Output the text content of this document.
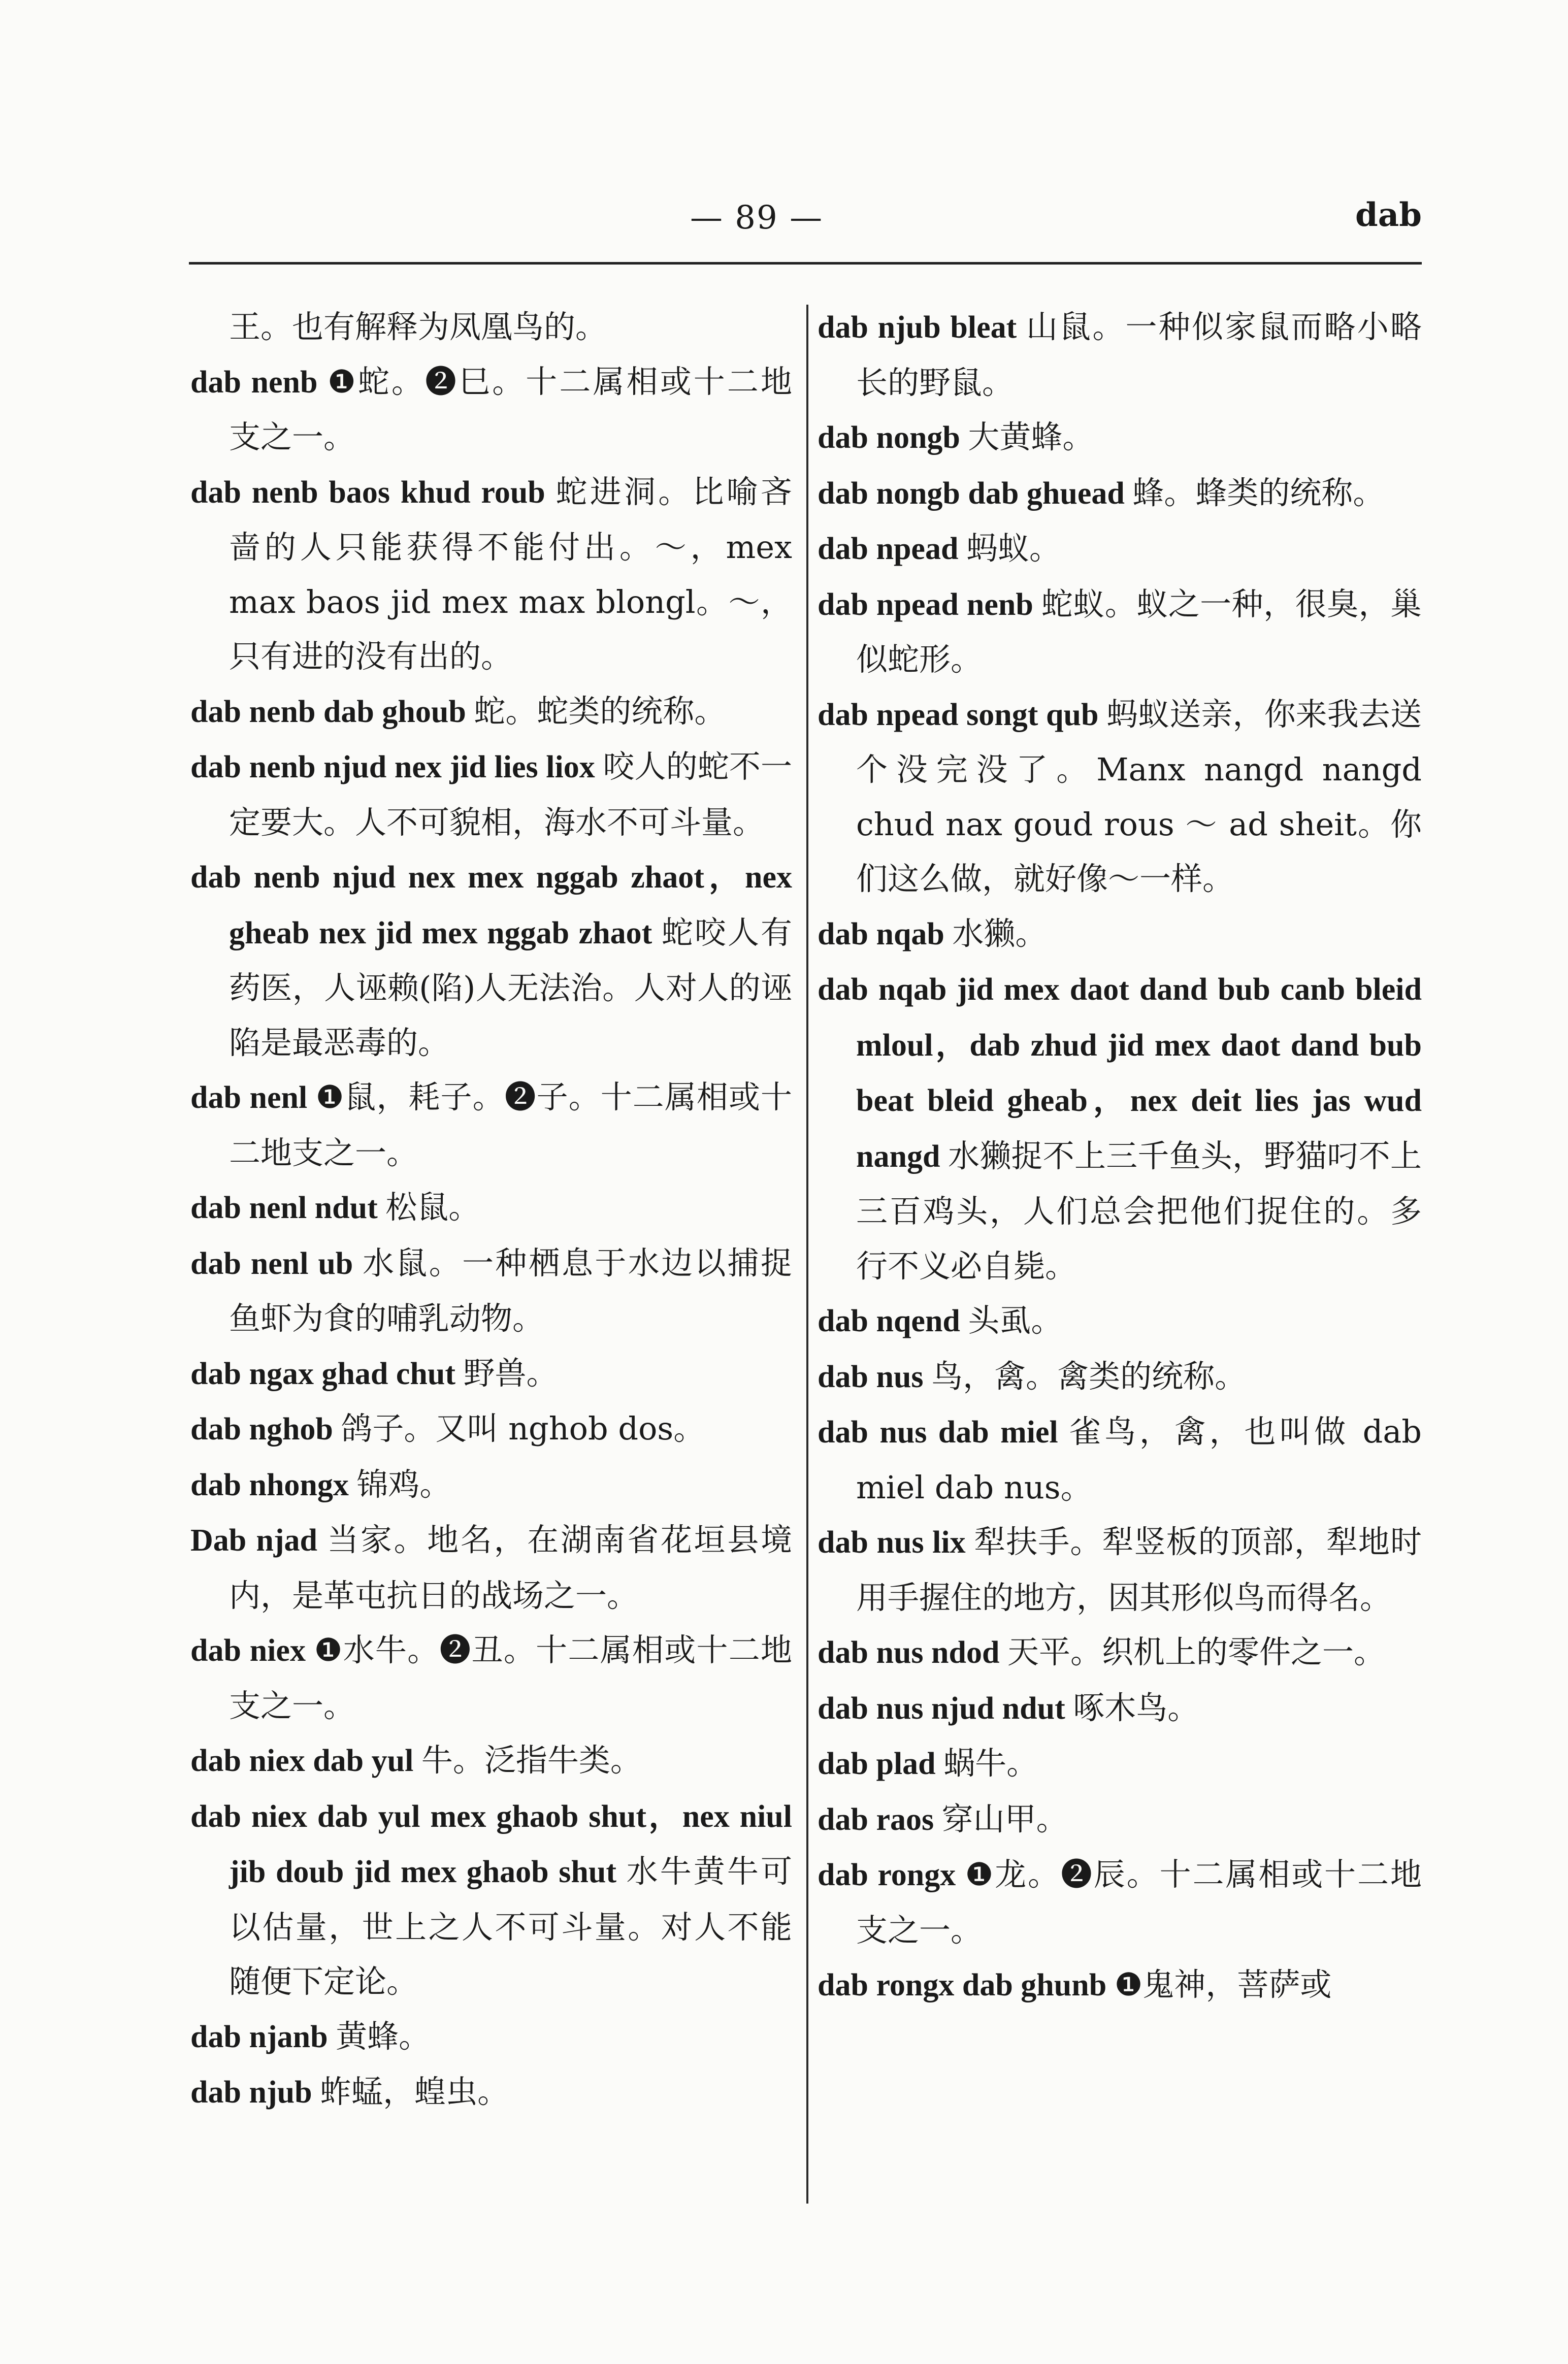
— 89 —	dab
王。也有解释为凤凰鸟的。
dab nenb ❶蛇。❷巳。十二属相或十二地支之一。
dab nenb baos khud roub 蛇进洞。比喻吝啬的人只能获得不能付出。～，mex max baos jid mex max blongl。～，只有进的没有出的。
dab nenb dab ghoub 蛇。蛇类的统称。
dab nenb njud nex jid lies liox 咬人的蛇不一定要大。人不可貌相，海水不可斗量。
dab nenb njud nex mex nggab zhaot，nex gheab nex jid mex nggab zhaot 蛇咬人有药医，人诬赖(陷)人无法治。人对人的诬陷是最恶毒的。
dab nenl ❶鼠，耗子。❷子。十二属相或十二地支之一。
dab nenl ndut 松鼠。
dab nenl ub 水鼠。一种栖息于水边以捕捉鱼虾为食的哺乳动物。
dab ngax ghad chut 野兽。
dab nghob 鸽子。又叫 nghob dos。
dab nhongx 锦鸡。
Dab njad 当家。地名，在湖南省花垣县境内，是革屯抗日的战场之一。
dab niex ❶水牛。❷丑。十二属相或十二地支之一。
dab niex dab yul 牛。泛指牛类。
dab niex dab yul mex ghaob shut，nex niul jib doub jid mex ghaob shut 水牛黄牛可以估量，世上之人不可斗量。对人不能随便下定论。
dab njanb 黄蜂。
dab njub 蚱蜢，蝗虫。
dab njub bleat 山鼠。一种似家鼠而略小略长的野鼠。
dab nongb 大黄蜂。
dab nongb dab ghuead 蜂。蜂类的统称。
dab npead 蚂蚁。
dab npead nenb 蛇蚁。蚁之一种，很臭，巢似蛇形。
dab npead songt qub 蚂蚁送亲，你来我去送个没完没了。Manx nangd nangd chud nax goud rous ～ ad sheit。你们这么做，就好像～一样。
dab nqab 水獭。
dab nqab jid mex daot dand bub canb bleid mloul，dab zhud jid mex daot dand bub beat bleid gheab，nex deit lies jas wud nangd 水獭捉不上三千鱼头，野猫叼不上三百鸡头，人们总会把他们捉住的。多行不义必自毙。
dab nqend 头虱。
dab nus 鸟，禽。禽类的统称。
dab nus dab miel 雀鸟，禽，也叫做 dab miel dab nus。
dab nus lix 犁扶手。犁竖板的顶部，犁地时用手握住的地方，因其形似鸟而得名。
dab nus ndod 天平。织机上的零件之一。
dab nus njud ndut 啄木鸟。
dab plad 蜗牛。
dab raos 穿山甲。
dab rongx ❶龙。❷辰。十二属相或十二地支之一。
dab rongx dab ghunb ❶鬼神，菩萨或
